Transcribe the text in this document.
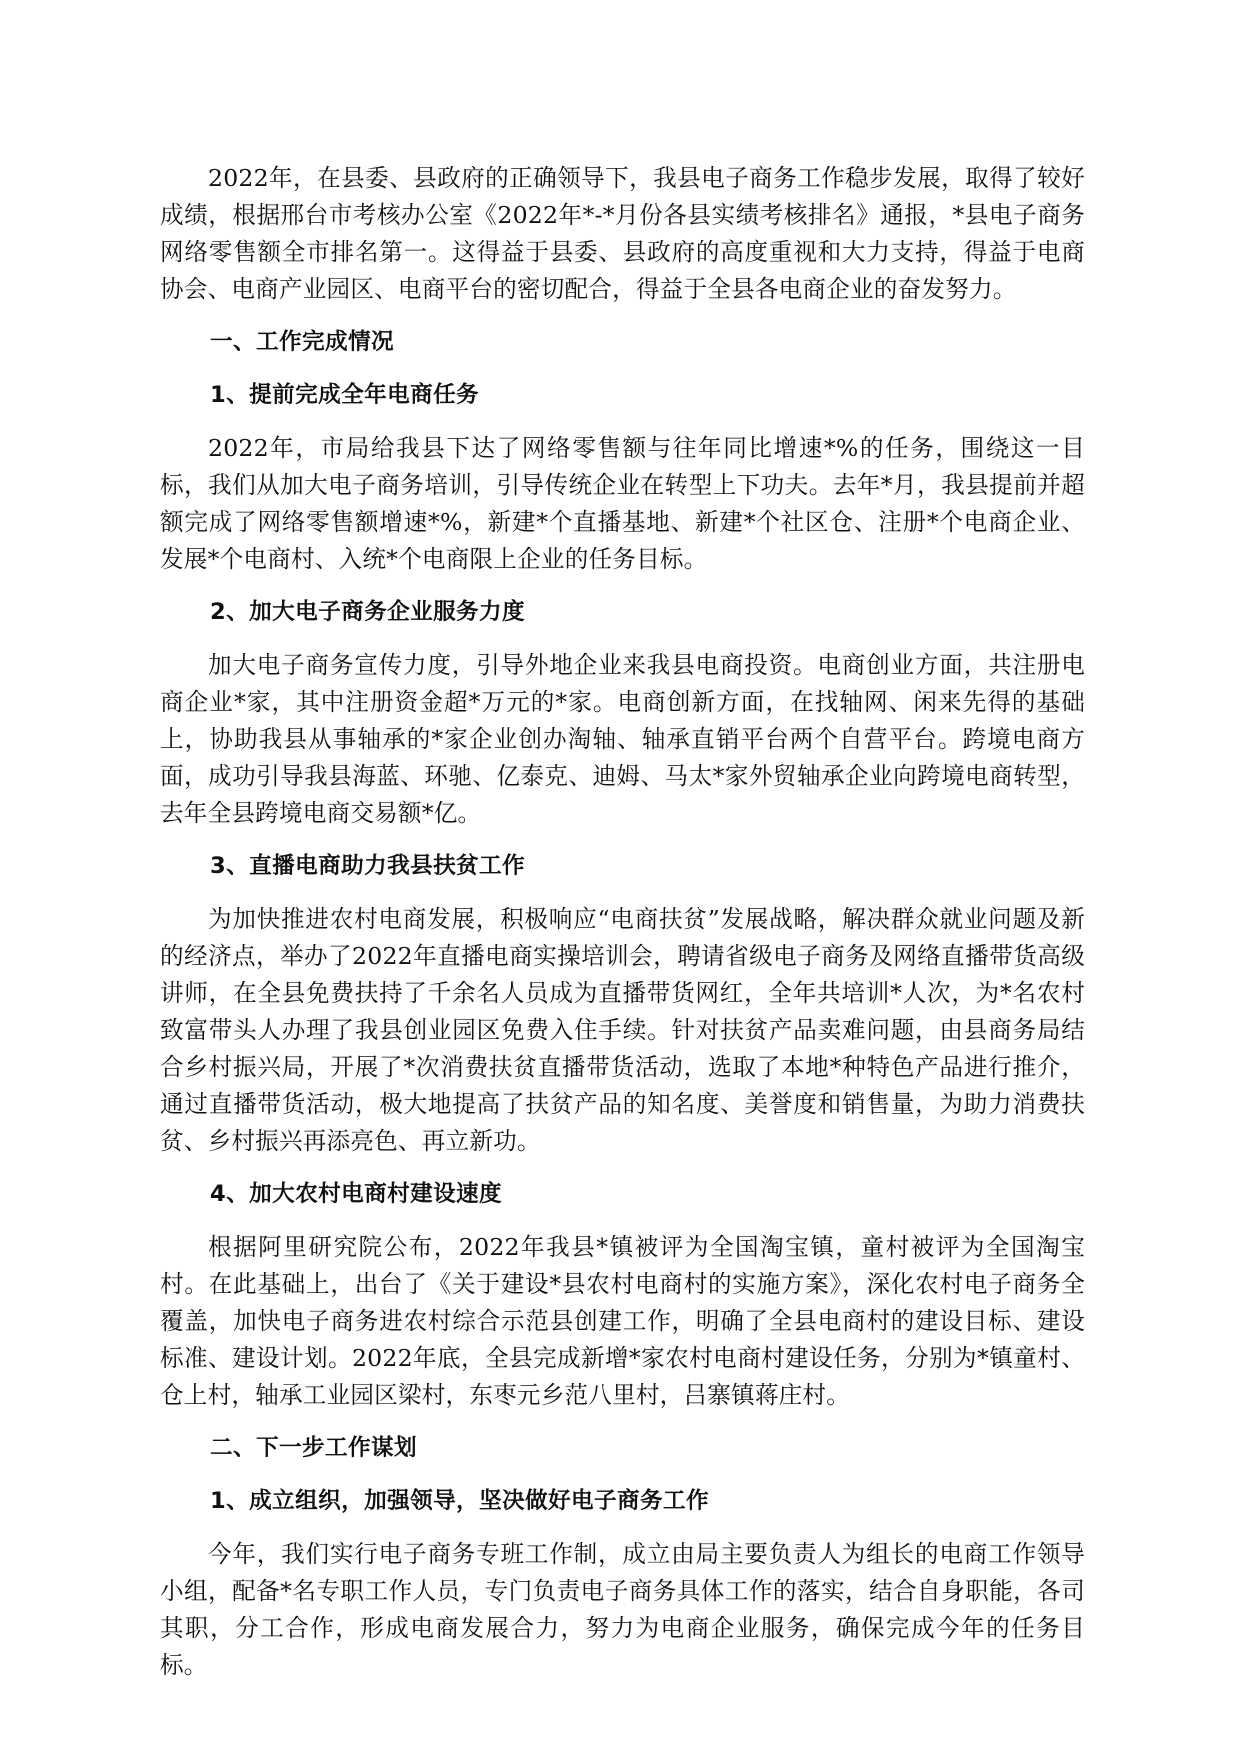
2022年，在县委、县政府的正确领导下，我县电子商务工作稳步发展，取得了较好成绩，根据邢台市考核办公室《2022年*-*月份各县实绩考核排名》通报，*县电子商务网络零售额全市排名第一。这得益于县委、县政府的高度重视和大力支持，得益于电商协会、电商产业园区、电商平台的密切配合，得益于全县各电商企业的奋发努力。

一、工作完成情况
1、提前完成全年电商任务

2022年，市局给我县下达了网络零售额与往年同比增速*%的任务，围绕这一目标，我们从加大电子商务培训，引导传统企业在转型上下功夫。去年*月，我县提前并超额完成了网络零售额增速*%，新建*个直播基地、新建*个社区仓、注册*个电商企业、发展*个电商村、入统*个电商限上企业的任务目标。

2、加大电子商务企业服务力度

加大电子商务宣传力度，引导外地企业来我县电商投资。电商创业方面，共注册电商企业*家，其中注册资金超*万元的*家。电商创新方面，在找轴网、闲来先得的基础上，协助我县从事轴承的*家企业创办淘轴、轴承直销平台两个自营平台。跨境电商方面，成功引导我县海蓝、环驰、亿泰克、迪姆、马太*家外贸轴承企业向跨境电商转型，去年全县跨境电商交易额*亿。

3、直播电商助力我县扶贫工作

为加快推进农村电商发展，积极响应“电商扶贫”发展战略，解决群众就业问题及新的经济点，举办了2022年直播电商实操培训会，聘请省级电子商务及网络直播带货高级讲师，在全县免费扶持了千余名人员成为直播带货网红，全年共培训*人次，为*名农村致富带头人办理了我县创业园区免费入住手续。针对扶贫产品卖难问题，由县商务局结合乡村振兴局，开展了*次消费扶贫直播带货活动，选取了本地*种特色产品进行推介，通过直播带货活动，极大地提高了扶贫产品的知名度、美誉度和销售量，为助力消费扶贫、乡村振兴再添亮色、再立新功。

4、加大农村电商村建设速度

根据阿里研究院公布，2022年我县*镇被评为全国淘宝镇，童村被评为全国淘宝村。在此基础上，出台了《关于建设*县农村电商村的实施方案》，深化农村电子商务全覆盖，加快电子商务进农村综合示范县创建工作，明确了全县电商村的建设目标、建设标准、建设计划。2022年底，全县完成新增*家农村电商村建设任务，分别为*镇童村、仓上村，轴承工业园区梁村，东枣元乡范八里村，吕寨镇蒋庄村。

二、下一步工作谋划
1、成立组织，加强领导，坚决做好电子商务工作

今年，我们实行电子商务专班工作制，成立由局主要负责人为组长的电商工作领导小组，配备*名专职工作人员，专门负责电子商务具体工作的落实，结合自身职能，各司其职，分工合作，形成电商发展合力，努力为电商企业服务，确保完成今年的任务目标。
